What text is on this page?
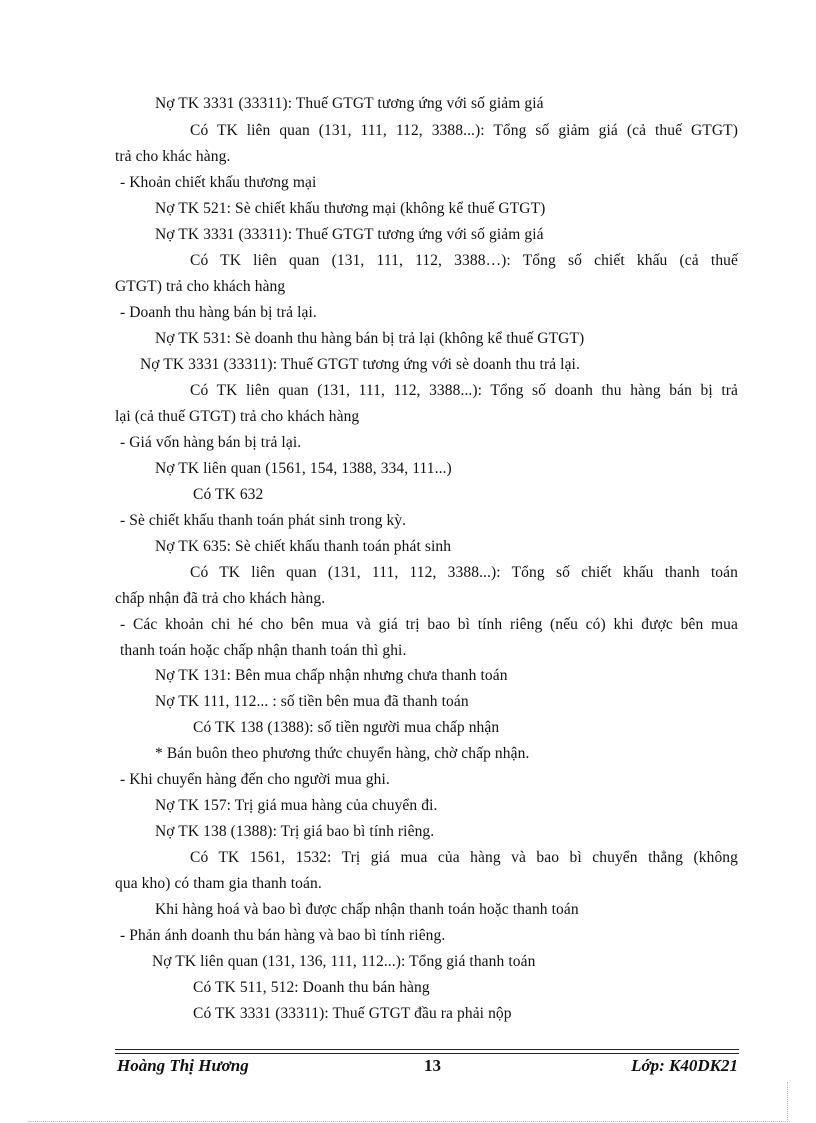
Nợ TK 3331 (33311): Thuế GTGT tương ứng với số giảm giá
Có TK liên quan (131, 111, 112, 3388...): Tổng số giảm giá (cả thuế GTGT)
trả cho khác hàng.
- Khoản chiết khấu thương mại
Nợ TK 521: Sè chiết khấu thương mại (không kể thuế GTGT)
Nợ TK 3331 (33311): Thuế GTGT tương ứng với số giảm giá
Có TK liên quan (131, 111, 112, 3388…): Tổng số chiết khấu (cả thuế
GTGT) trả cho khách hàng
- Doanh thu hàng bán bị trả lại.
Nợ TK 531: Sè doanh thu hàng bán bị trả lại (không kể thuế GTGT)
Nợ TK 3331 (33311): Thuế GTGT tương ứng với sè doanh thu trả lại.
Có TK liên quan (131, 111, 112, 3388...): Tổng số doanh thu hàng bán bị trả
lại (cả thuế GTGT) trả cho khách hàng
- Giá vốn hàng bán bị trả lại.
Nợ TK liên quan (1561, 154, 1388, 334, 111...)
Có TK 632
- Sè chiết khấu thanh toán phát sinh trong kỳ.
Nợ TK 635: Sè chiết khấu thanh toán phát sinh
Có TK liên quan (131, 111, 112, 3388...): Tổng số chiết khấu thanh toán
chấp nhận đã trả cho khách hàng.
- Các khoản chi hé cho bên mua và giá trị bao bì tính riêng (nếu có) khi được bên mua
thanh toán hoặc chấp nhận thanh toán thì ghi.
Nợ TK 131: Bên mua chấp nhận nhưng chưa thanh toán
Nợ TK 111, 112... : số tiền bên mua đã thanh toán
Có TK 138 (1388): số tiền người mua chấp nhận
* Bán buôn theo phương thức chuyển hàng, chờ chấp nhận.
- Khi chuyển hàng đến cho người mua ghi.
Nợ TK 157: Trị giá mua hàng của chuyển đi.
Nợ TK 138 (1388): Trị giá bao bì tính riêng.
Có TK 1561, 1532: Trị giá mua của hàng và bao bì chuyển thẳng (không
qua kho) có tham gia thanh toán.
Khi hàng hoá và bao bì được chấp nhận thanh toán hoặc thanh toán
- Phản ánh doanh thu bán hàng và bao bì tính riêng.
Nợ TK liên quan (131, 136, 111, 112...): Tổng giá thanh toán
Có TK 511, 512: Doanh thu bán hàng
Có TK 3331 (33311): Thuế GTGT đầu ra phải nộp
Hoàng Thị Hương	13	Lớp: K40DK21
